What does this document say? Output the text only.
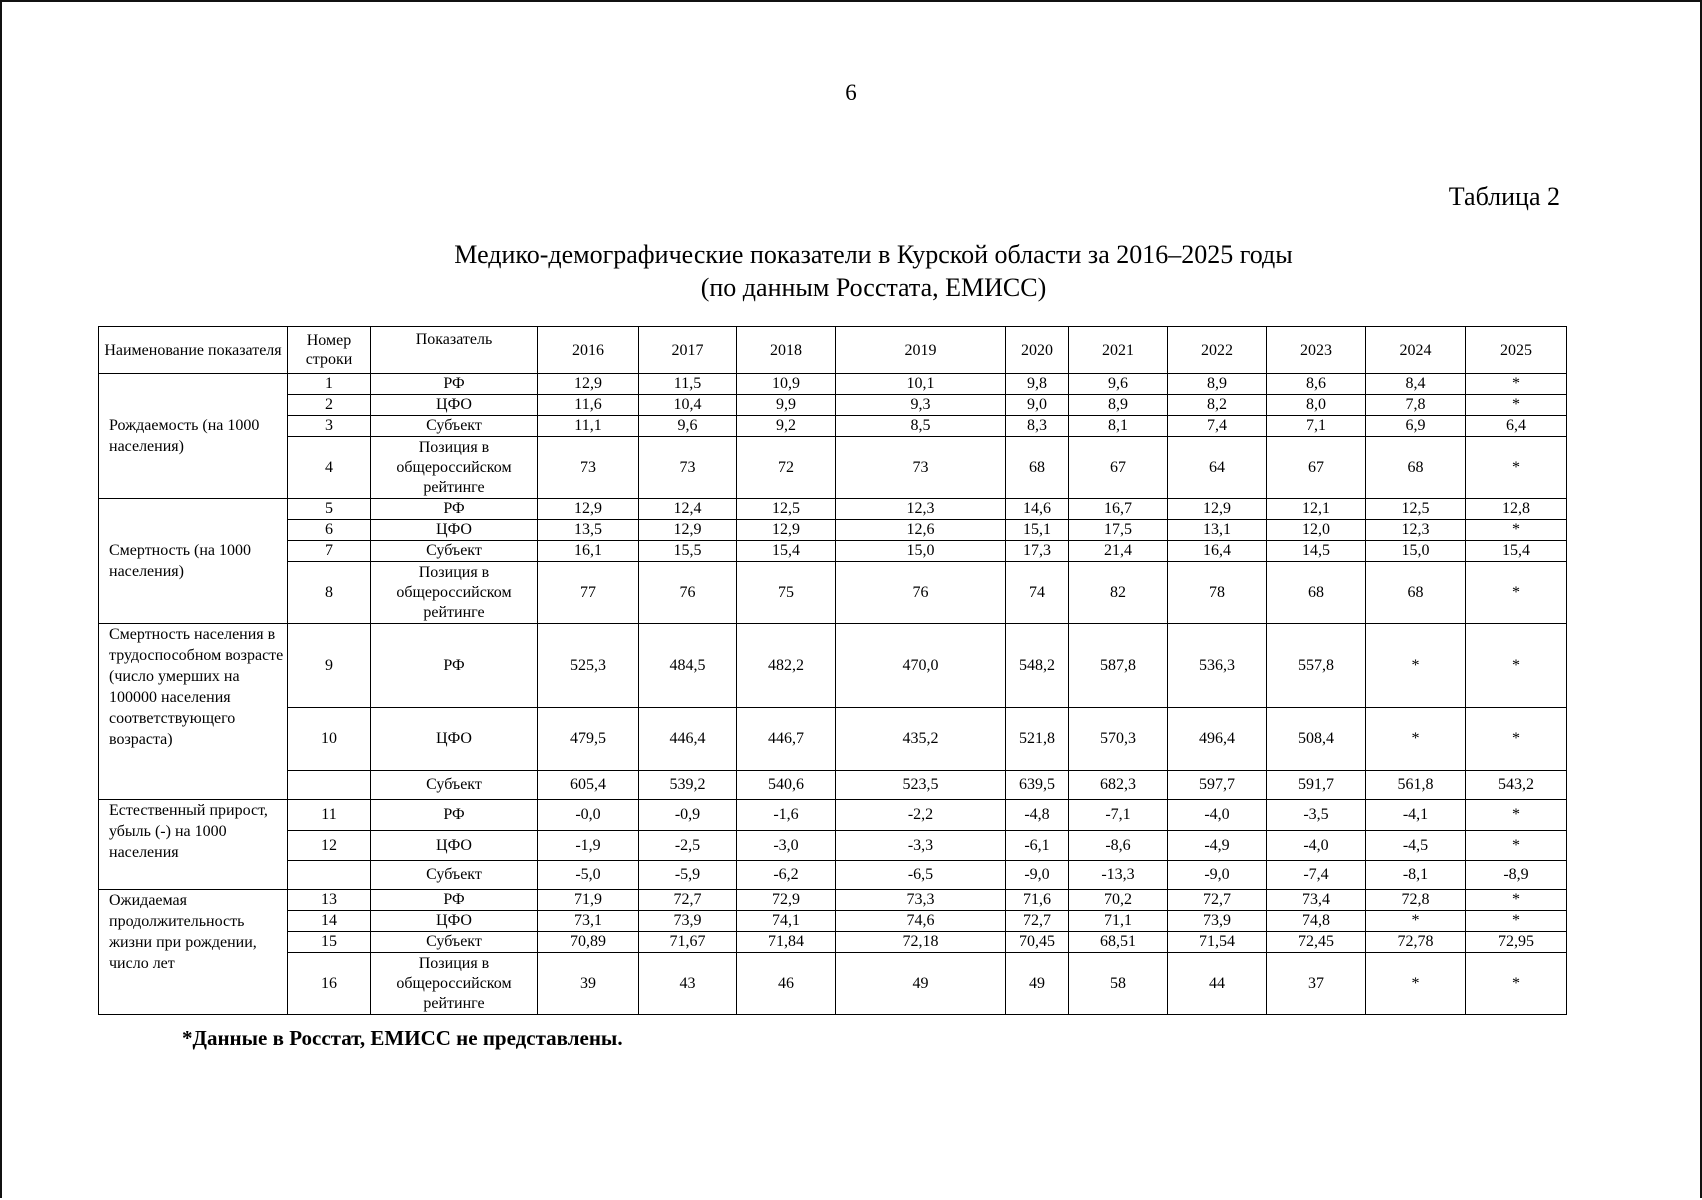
6
Таблица 2
Медико-демографические показатели в Курской области за 2016–2025 годы
(по данным Росстата, ЕМИСС)
Наименование показателя	Номер строки	Показатель	2016	2017	2018	2019	2020	2021	2022	2023	2024	2025
Рождаемость (на 1000 населения)	1	РФ	12,9	11,5	10,9	10,1	9,8	9,6	8,9	8,6	8,4	*
	2	ЦФО	11,6	10,4	9,9	9,3	9,0	8,9	8,2	8,0	7,8	*
	3	Субъект	11,1	9,6	9,2	8,5	8,3	8,1	7,4	7,1	6,9	6,4
	4	Позиция в общероссийском рейтинге	73	73	72	73	68	67	64	67	68	*
Смертность (на 1000 населения)	5	РФ	12,9	12,4	12,5	12,3	14,6	16,7	12,9	12,1	12,5	12,8
	6	ЦФО	13,5	12,9	12,9	12,6	15,1	17,5	13,1	12,0	12,3	*
	7	Субъект	16,1	15,5	15,4	15,0	17,3	21,4	16,4	14,5	15,0	15,4
	8	Позиция в общероссийском рейтинге	77	76	75	76	74	82	78	68	68	*
Смертность населения в трудоспособном возрасте (число умерших на 100000 населения соответствующего возраста)	9	РФ	525,3	484,5	482,2	470,0	548,2	587,8	536,3	557,8	*	*
	10	ЦФО	479,5	446,4	446,7	435,2	521,8	570,3	496,4	508,4	*	*
		Субъект	605,4	539,2	540,6	523,5	639,5	682,3	597,7	591,7	561,8	543,2
Естественный прирост, убыль (-) на 1000 населения	11	РФ	-0,0	-0,9	-1,6	-2,2	-4,8	-7,1	-4,0	-3,5	-4,1	*
	12	ЦФО	-1,9	-2,5	-3,0	-3,3	-6,1	-8,6	-4,9	-4,0	-4,5	*
		Субъект	-5,0	-5,9	-6,2	-6,5	-9,0	-13,3	-9,0	-7,4	-8,1	-8,9
Ожидаемая продолжительность жизни при рождении, число лет	13	РФ	71,9	72,7	72,9	73,3	71,6	70,2	72,7	73,4	72,8	*
	14	ЦФО	73,1	73,9	74,1	74,6	72,7	71,1	73,9	74,8	*	*
	15	Субъект	70,89	71,67	71,84	72,18	70,45	68,51	71,54	72,45	72,78	72,95
	16	Позиция в общероссийском рейтинге	39	43	46	49	49	58	44	37	*	*
*Данные в Росстат, ЕМИСС не представлены.
